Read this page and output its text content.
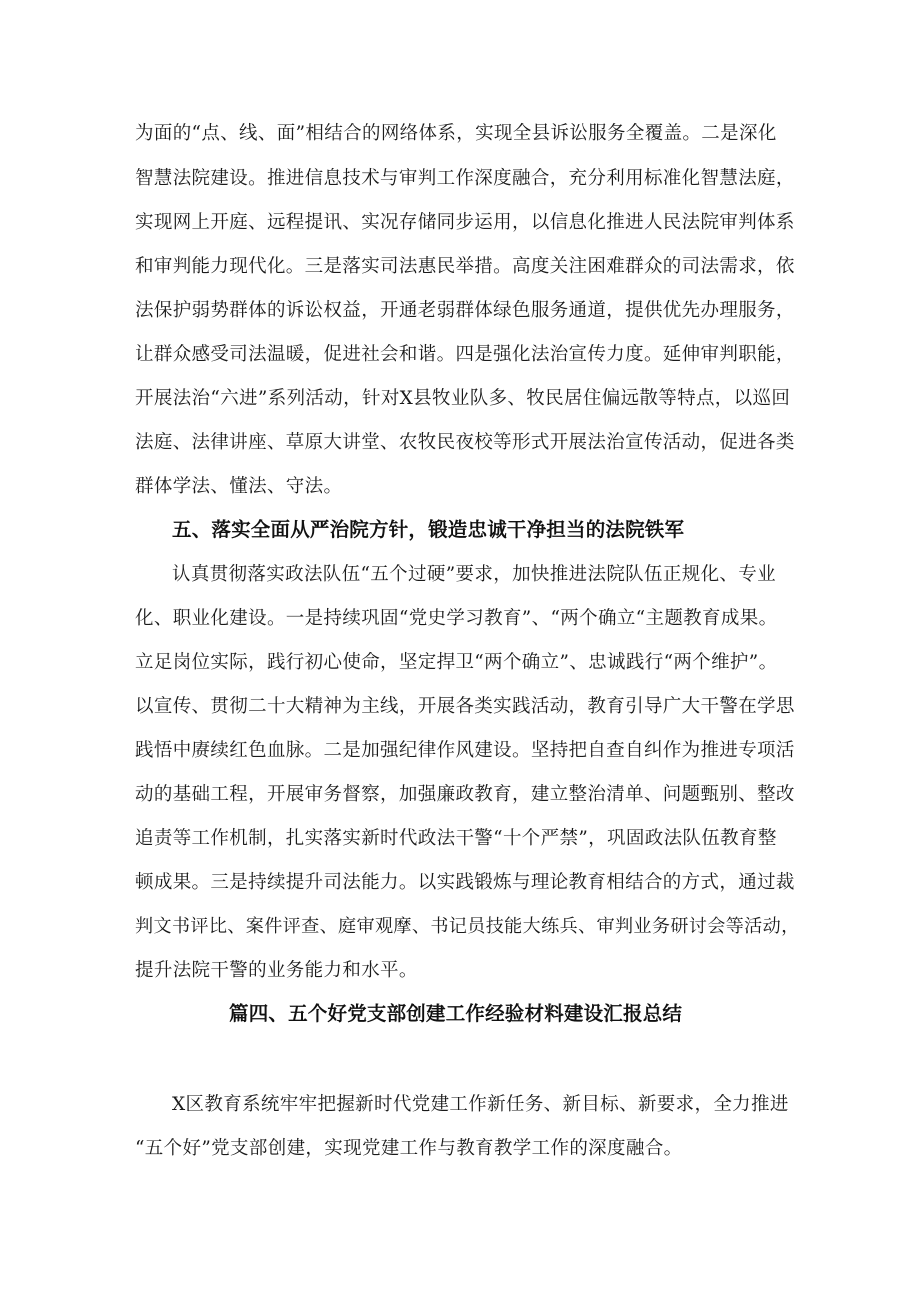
为面的“点、线、面”相结合的网络体系，实现全县诉讼服务全覆盖。二是深化
智慧法院建设。推进信息技术与审判工作深度融合，充分利用标准化智慧法庭，
实现网上开庭、远程提讯、实况存储同步运用，以信息化推进人民法院审判体系
和审判能力现代化。三是落实司法惠民举措。高度关注困难群众的司法需求，依
法保护弱势群体的诉讼权益，开通老弱群体绿色服务通道，提供优先办理服务，
让群众感受司法温暖，促进社会和谐。四是强化法治宣传力度。延伸审判职能，
开展法治“六进”系列活动，针对X县牧业队多、牧民居住偏远散等特点，以巡回
法庭、法律讲座、草原大讲堂、农牧民夜校等形式开展法治宣传活动，促进各类
群体学法、懂法、守法。
五、落实全面从严治院方针，锻造忠诚干净担当的法院铁军
认真贯彻落实政法队伍“五个过硬”要求，加快推进法院队伍正规化、专业
化、职业化建设。一是持续巩固“党史学习教育”、“两个确立“主题教育成果。
立足岗位实际，践行初心使命，坚定捍卫“两个确立”、忠诚践行“两个维护”。
以宣传、贯彻二十大精神为主线，开展各类实践活动，教育引导广大干警在学思
践悟中赓续红色血脉。二是加强纪律作风建设。坚持把自查自纠作为推进专项活
动的基础工程，开展审务督察，加强廉政教育，建立整治清单、问题甄别、整改
追责等工作机制，扎实落实新时代政法干警“十个严禁”，巩固政法队伍教育整
顿成果。三是持续提升司法能力。以实践锻炼与理论教育相结合的方式，通过裁
判文书评比、案件评查、庭审观摩、书记员技能大练兵、审判业务研讨会等活动，
提升法院干警的业务能力和水平。
篇四、五个好党支部创建工作经验材料建设汇报总结
X区教育系统牢牢把握新时代党建工作新任务、新目标、新要求，全力推进
“五个好”党支部创建，实现党建工作与教育教学工作的深度融合。
